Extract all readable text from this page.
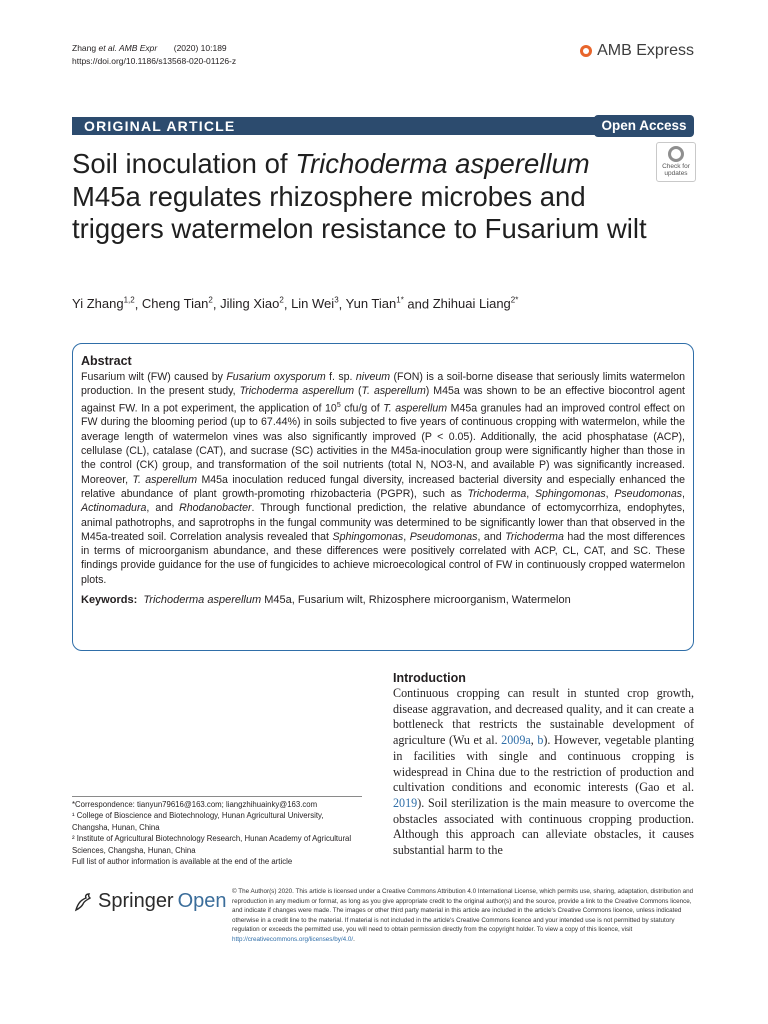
Zhang et al. AMB Expr (2020) 10:189
https://doi.org/10.1186/s13568-020-01126-z
AMB Express
ORIGINAL ARTICLE	Open Access
Soil inoculation of Trichoderma asperellum M45a regulates rhizosphere microbes and triggers watermelon resistance to Fusarium wilt
Check for
updates
Yi Zhang$^{1,2}$, Cheng Tian$^2$, Jiling Xiao$^2$, Lin Wei$^3$, Yun Tian$^{1*}$ and Zhihuai Liang$^{2*}$
Abstract

Fusarium wilt (FW) caused by Fusarium oxysporum f. sp. niveum (FON) is a soil-borne disease that seriously limits watermelon production. In the present study, Trichoderma asperellum (T. asperellum) M45a was shown to be an effective biocontrol agent against FW. In a pot experiment, the application of $10^5$ cfu/g of T. asperellum M45a granules had an improved control effect on FW during the blooming period (up to 67.44%) in soils subjected to five years of continuous cropping with watermelon, while the average length of watermelon vines was also significantly improved (P < 0.05). Additionally, the acid phosphatase (ACP), cellulase (CL), catalase (CAT), and sucrase (SC) activities in the M45a-inoculation group were significantly higher than those in the control (CK) group, and transformation of the soil nutrients (total N, NO3-N, and available P) was significantly increased. Moreover, T. asperellum M45a inoculation reduced fungal diversity, increased bacterial diversity and especially enhanced the relative abundance of plant growth-promoting rhizobacteria (PGPR), such as Trichoderma, Sphingomonas, Pseudomonas, Actinomadura, and Rhodanobacter. Through functional prediction, the relative abundance of ectomycorrhiza, endophytes, animal pathotrophs, and saprotrophs in the fungal community was determined to be significantly lower than that observed in the M45a-treated soil. Correlation analysis revealed that Sphingomonas, Pseudomonas, and Trichoderma had the most differences in terms of microorganism abundance, and these differences were positively correlated with ACP, CL, CAT, and SC. These findings provide guidance for the use of fungicides to achieve microecological control of FW in continuously cropped watermelon plots.

Keywords: Trichoderma asperellum M45a, Fusarium wilt, Rhizosphere microorganism, Watermelon

Introduction
Continuous cropping can result in stunted crop growth, disease aggravation, and decreased quality, and it can create a bottleneck that restricts the sustainable development of agriculture (Wu et al. 2009a, b). However, vegetable planting in facilities with single and continuous cropping is widespread in China due to the restriction of production and cultivation conditions and economic interests (Gao et al. 2019). Soil sterilization is the main measure to overcome the obstacles associated with continuous cropping production. Although this approach can alleviate obstacles, it causes substantial harm to the
*Correspondence: tianyun79616@163.com; liangzhihuainky@163.com
¹ College of Bioscience and Biotechnology, Hunan Agricultural University, Changsha, Hunan, China
² Institute of Agricultural Biotechnology Research, Hunan Academy of Agricultural Sciences, Changsha, Hunan, China
Full list of author information is available at the end of the article
Springer Open © The Author(s) 2020. This article is licensed under a Creative Commons Attribution 4.0 International License, which permits use, sharing, adaptation, distribution and reproduction in any medium or format, as long as you give appropriate credit to the original author(s) and the source, provide a link to the Creative Commons licence, and indicate if changes were made. The images or other third party material in this article are included in the article's Creative Commons licence, unless indicated otherwise in a credit line to the material. If material is not included in the article's Creative Commons licence and your intended use is not permitted by statutory regulation or exceeds the permitted use, you will need to obtain permission directly from the copyright holder. To view a copy of this licence, visit http://creativecommons.org/licenses/by/4.0/.
